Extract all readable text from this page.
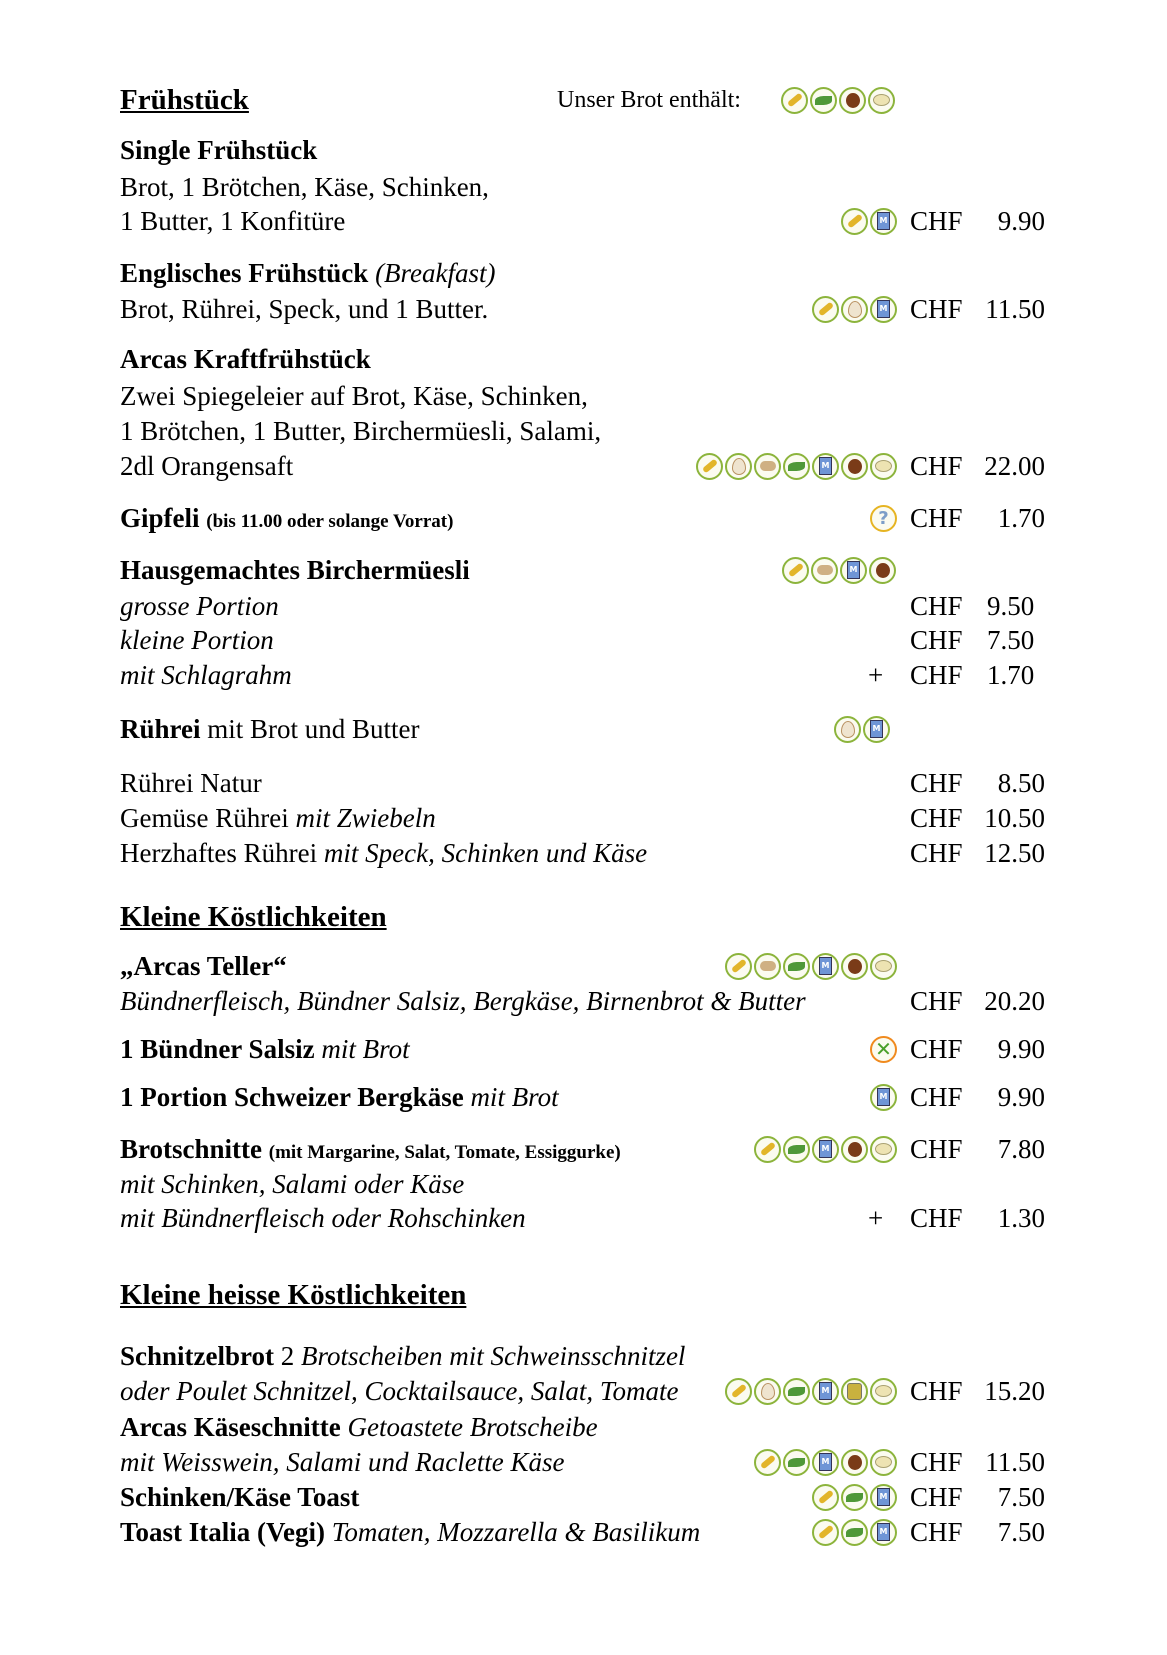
Frühstück
Kleine Köstlichkeiten
Kleine heisse Köstlichkeiten
Unser Brot enthält:
Single Frühstück
Brot, 1 Brötchen, Käse, Schinken,
1 Butter, 1 Konfitüre	M CHF 9.90
Englisches Frühstück (Breakfast)
Brot, Rührei, Speck, und 1 Butter.	M CHF 11.50
Arcas Kraftfrühstück
Zwei Spiegeleier auf Brot, Käse, Schinken,
1 Brötchen, 1 Butter, Birchermüesli, Salami,
2dl Orangensaft	M	CHF 22.00
Gipfeli (bis 11.00 oder solange Vorrat)	? CHF 1.70
Hausgemachtes Birchermüesli	M
grosse Portion	CHF 9.50
kleine Portion	CHF 7.50
mit Schlagrahm	+ CHF 1.70
Rührei mit Brot und Butter	M
Rührei Natur	CHF 8.50
Gemüse Rührei mit Zwiebeln	CHF 10.50
Herzhaftes Rührei mit Speck, Schinken und Käse	CHF 12.50
„Arcas Teller“	M
Bündnerfleisch, Bündner Salsiz, Bergkäse, Birnenbrot & Butter	CHF 20.20
1 Bündner Salsiz mit Brot	✕ CHF 9.90
1 Portion Schweizer Bergkäse mit Brot	M CHF 9.90
Brotschnitte (mit Margarine, Salat, Tomate, Essiggurke)	M	CHF 7.80
mit Schinken, Salami oder Käse
mit Bündnerfleisch oder Rohschinken	+ CHF 1.30
Schnitzelbrot 2 Brotscheiben mit Schweinsschnitzel
oder Poulet Schnitzel, Cocktailsauce, Salat, Tomate	M	CHF 15.20
Arcas Käseschnitte Getoastete Brotscheibe
mit Weisswein, Salami und Raclette Käse	M	CHF 11.50
Schinken/Käse Toast	M CHF 7.50
Toast Italia (Vegi) Tomaten, Mozzarella & Basilikum	M CHF 7.50
